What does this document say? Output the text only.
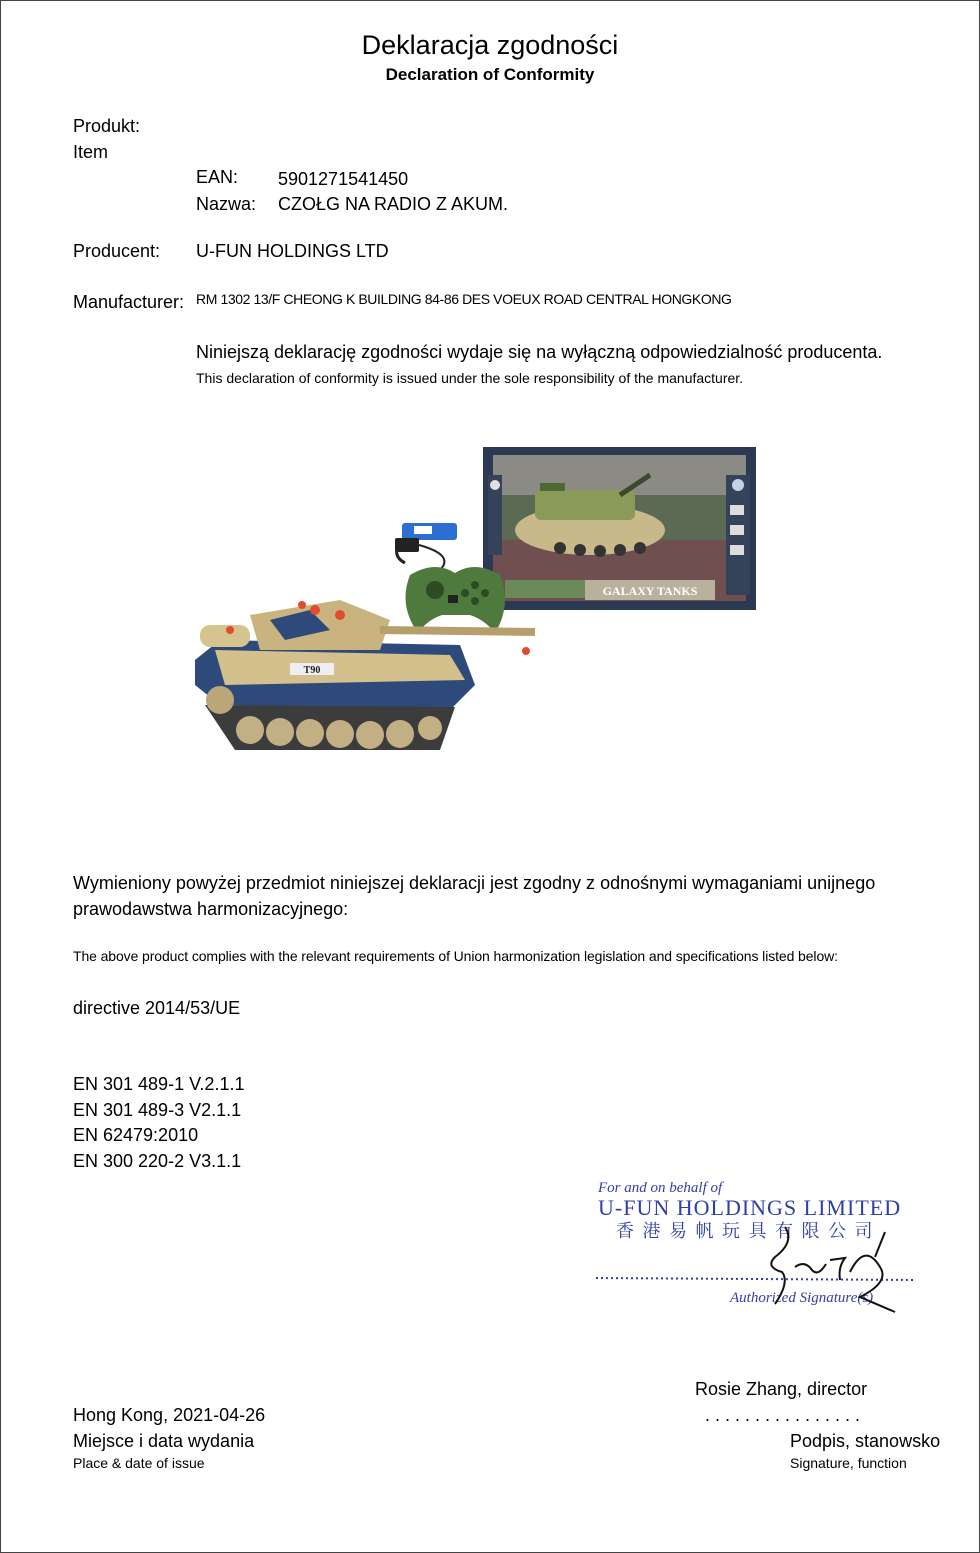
Deklaracja zgodności
Declaration of Conformity
Produkt:
Item
EAN: 5901271541450
Nazwa: CZOŁG NA RADIO Z AKUM.
Producent: U-FUN HOLDINGS LTD
Manufacturer: RM 1302 13/F CHEONG K BUILDING 84-86 DES VOEUX ROAD CENTRAL HONGKONG
Niniejszą deklarację zgodności wydaje się na wyłączną odpowiedzialność producenta.
This declaration of conformity is issued under the sole responsibility of the manufacturer.
GALAXY TANKS
T90
Wymieniony powyżej przedmiot niniejszej deklaracji jest zgodny z odnośnymi wymaganiami unijnego
prawodawstwa harmonizacyjnego:
The above product complies with the relevant requirements of Union harmonization legislation and specifications listed below:
directive 2014/53/UE
EN 301 489-1 V.2.1.1
EN 301 489-3 V2.1.1
EN 62479:2010
EN 300 220-2 V3.1.1
For and on behalf of
U-FUN HOLDINGS LIMITED
香 港 易 帆 玩 具 有 限 公 司
Authorized Signature(s)
Rosie Zhang, director
Hong Kong, 2021-04-26	. . . . . . . . . . . . . . . .
Miejsce i data wydania	Podpis, stanowsko
Place & date of issue	Signature, function
